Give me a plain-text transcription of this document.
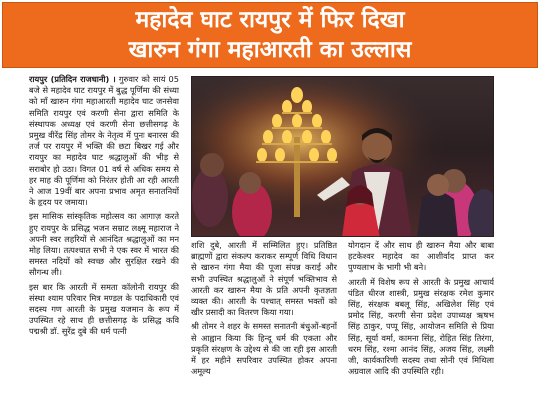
महादेव घाट रायपुर में फिर दिखा
खारुन गंगा महाआरती का उल्लास

रायपुर (प्रतिदिन राजधानी) । गुरुवार को सायं 05 बजे से महादेव घाट रायपुर में बुद्ध पूर्णिमा की संध्या को माँ खारुन गंगा महाआरती महादेव घाट जनसेवा समिति रायपुर एवं करणी सेना द्वारा समिति के संस्थापक अध्यक्ष एवं करणी सेना छत्तीसगढ़ के प्रमुख वीरेंद्र सिंह तोमर के नेतृत्व में पुनः बनारस की तर्ज पर रायपुर में भक्ति की छटा बिखर गई और रायपुर का महादेव घाट श्रद्धालुओं की भीड़ से सराबोर हो उठा। विगत 01 वर्ष से अधिक समय से हर माह की पूर्णिमा को निरंतर होती आ रही आरती ने आज 19वीं बार अपना प्रभाव अमृत सनातनियों के हृदय पर जमाया।

इस मासिक सांस्कृतिक महोत्सव का आगाज़ करते हुए रायपुर के प्रसिद्ध भजन सम्राट लक्ष्मू महाराज ने अपनी स्वर लहरियों से आनंदित श्रद्धालुओं का मन मोह लिया। तत्पश्चात सभी ने एक स्वर में भारत की समस्त नदियों को स्वच्छ और सुरक्षित रखने की सौगन्ध ली।

इस बार कि आरती में समता कॉलोनी रायपुर की संस्था श्याम परिवार मित्र मण्डल के पदाधिकारी एवं सदस्य गण आरती के प्रमुख यजमान के रूप में उपस्थित रहे साथ ही छत्तीसगढ़ के प्रसिद्ध कवि पद्मश्री डॉ. सुरेंद्र दुबे की धर्म पत्नी

शशि दुबे, आरती में सम्मिलित हुए। प्रतिष्ठित ब्राह्मणों द्वारा संकल्प कराकर सम्पूर्ण विधि विधान से खारुन गंगा मैया की पूजा संपन्न कराई और सभी उपस्थित श्रद्धालुओं ने संपूर्ण भक्तिभाव से आरती कर खारुन मैया के प्रति अपनी कृतज्ञता व्यक्त की। आरती के पश्चात् समस्त भक्तों को खीर प्रसादी का वितरण किया गया।

श्री तोमर ने शहर के समस्त सनातनी बंधुओं-बहनों से आह्वान किया कि हिन्दू धर्म की एकता और प्रकृति संरक्षण के उद्देश्य से की जा रही इस आरती में हर महीने सपरिवार उपस्थित होकर अपना अमूल्य

योगदान दें और साथ ही खारुन मैया और बाबा हटकेश्वर महादेव का आशीर्वाद प्राप्त कर पुण्यलाभ के भागी भी बने।

आरती में विशेष रूप से आरती के प्रमुख आचार्य पंडित धीरज शास्त्री, प्रमुख संरक्षक रमेश कुमार सिंह, संरक्षक बबलू सिंह, अखिलेश सिंह एवं प्रमोद सिंह, करणी सेना प्रदेश उपाध्यक्ष ऋषभ सिंह ठाकुर, पप्पू सिंह, आयोजन समिति से प्रिया सिंह, सूर्या वर्मा, कामना सिंह, रोहित सिंह तिरंगा, धरम सिंह, रश्मा आनंद सिंह, अजय सिंह, लक्ष्मी जी, कार्यकारिणी सदस्य तथा सोनी एवं मिथिला अग्रवाल आदि की उपस्थिति रही।
